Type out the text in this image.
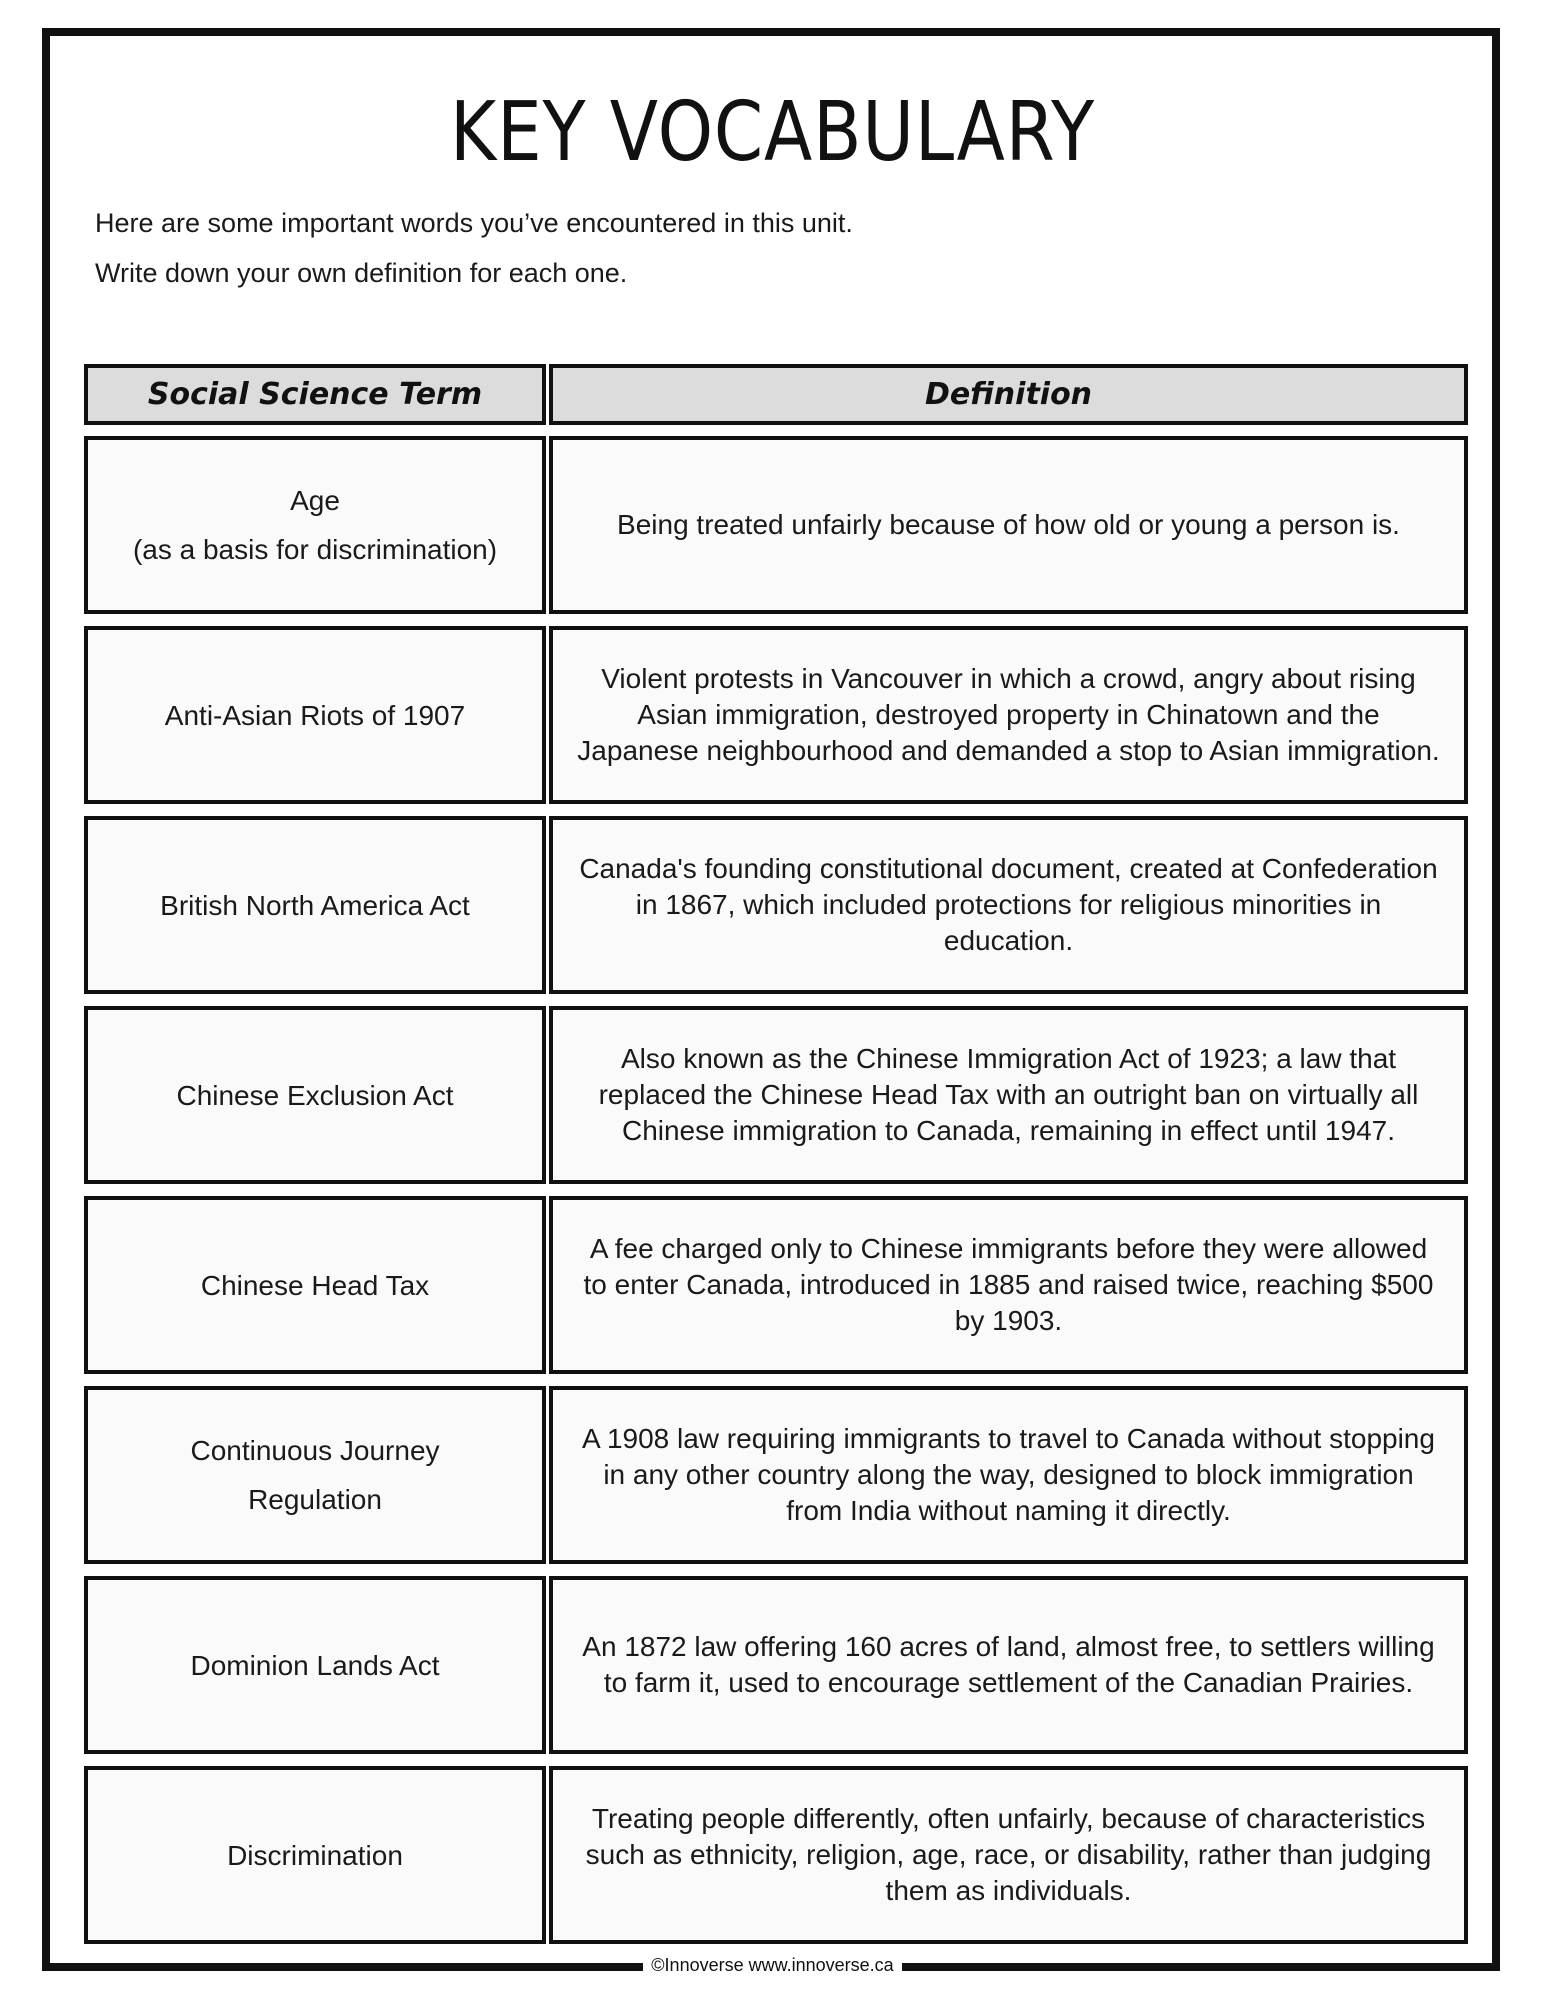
KEY VOCABULARY
Here are some important words you’ve encountered in this unit.
Write down your own definition for each one.
Social Science Term	Definition
Age
(as a basis for discrimination)
Being treated unfairly because of how old or young a person is.
Anti-Asian Riots of 1907
Violent protests in Vancouver in which a crowd, angry about rising Asian immigration, destroyed property in Chinatown and the Japanese neighbourhood and demanded a stop to Asian immigration.
British North America Act
Canada's founding constitutional document, created at Confederation in 1867, which included protections for religious minorities in education.
Chinese Exclusion Act
Also known as the Chinese Immigration Act of 1923; a law that replaced the Chinese Head Tax with an outright ban on virtually all Chinese immigration to Canada, remaining in effect until 1947.
Chinese Head Tax
A fee charged only to Chinese immigrants before they were allowed to enter Canada, introduced in 1885 and raised twice, reaching $500 by 1903.
Continuous Journey Regulation
A 1908 law requiring immigrants to travel to Canada without stopping in any other country along the way, designed to block immigration from India without naming it directly.
Dominion Lands Act
An 1872 law offering 160 acres of land, almost free, to settlers willing to farm it, used to encourage settlement of the Canadian Prairies.
Discrimination
Treating people differently, often unfairly, because of characteristics such as ethnicity, religion, age, race, or disability, rather than judging them as individuals.
©Innoverse www.innoverse.ca
